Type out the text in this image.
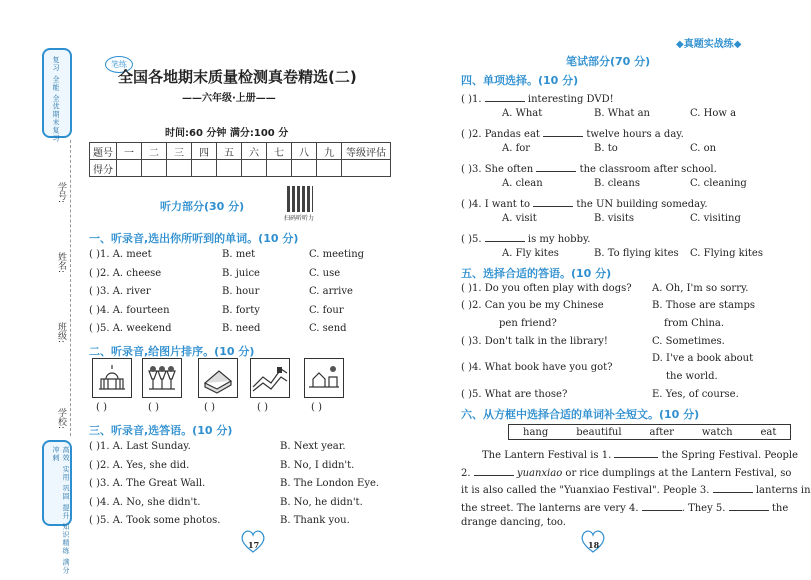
◆真题实战练◆
复习 全能 全优期末复习
高效 实用 巩固 提升 知识精练 满分冲刺
学号:
姓名:
班级:
学校:
笔练
全国各地期末质量检测真卷精选(二)
——六年级·上册——
时间:60 分钟 满分:100 分
题号	一	二	三	四	五	六	七	八	九	等级评估
得分										
听力部分(30 分)
扫码听听力
一、听录音,选出你所听到的单词。(10 分)
( )1. A. meet	B. met	C. meeting
( )2. A. cheese	B. juice	C. use
( )3. A. river	B. hour	C. arrive
( )4. A. fourteen	B. forty	C. four
( )5. A. weekend	B. need	C. send
二、听录音,给图片排序。(10 分)
( )	( )	( )	( )	( )
三、听录音,选答语。(10 分)
( )1. A. Last Sunday.	B. Next year.
( )2. A. Yes, she did.	B. No, I didn't.
( )3. A. The Great Wall.	B. The London Eye.
( )4. A. No, she didn't.	B. No, he didn't.
( )5. A. Took some photos.	B. Thank you.
17
笔试部分(70 分)
四、单项选择。(10 分)
( )1.	interesting DVD!
A. What	B. What an	C. How a
( )2. Pandas eat	twelve hours a day.
A. for	B. to	C. on
( )3. She often	the classroom after school.
A. clean	B. cleans	C. cleaning
( )4. I want to	the UN building someday.
A. visit	B. visits	C. visiting
( )5.	is my hobby.
A. Fly kites	B. To flying kites C. Flying kites
五、选择合适的答语。(10 分)
( )1. Do you often play with dogs? A. Oh, I'm so sorry.
( )2. Can you be my Chinese	B. Those are stamps
pen friend?	from China.
( )3. Don't talk in the library!	C. Sometimes.
D. I've a book about
( )4. What book have you got?
the world.
( )5. What are those?	E. Yes, of course.
六、从方框中选择合适的单词补全短文。(10 分)
hang	beautiful	after	watch	eat
The Lantern Festival is 1.	the Spring Festival. People
2.	yuanxiao or rice dumplings at the Lantern Festival, so
it is also called the "Yuanxiao Festival". People 3.	lanterns in
the street. The lanterns are very 4.	. They 5.	the
drange dancing, too.
18
